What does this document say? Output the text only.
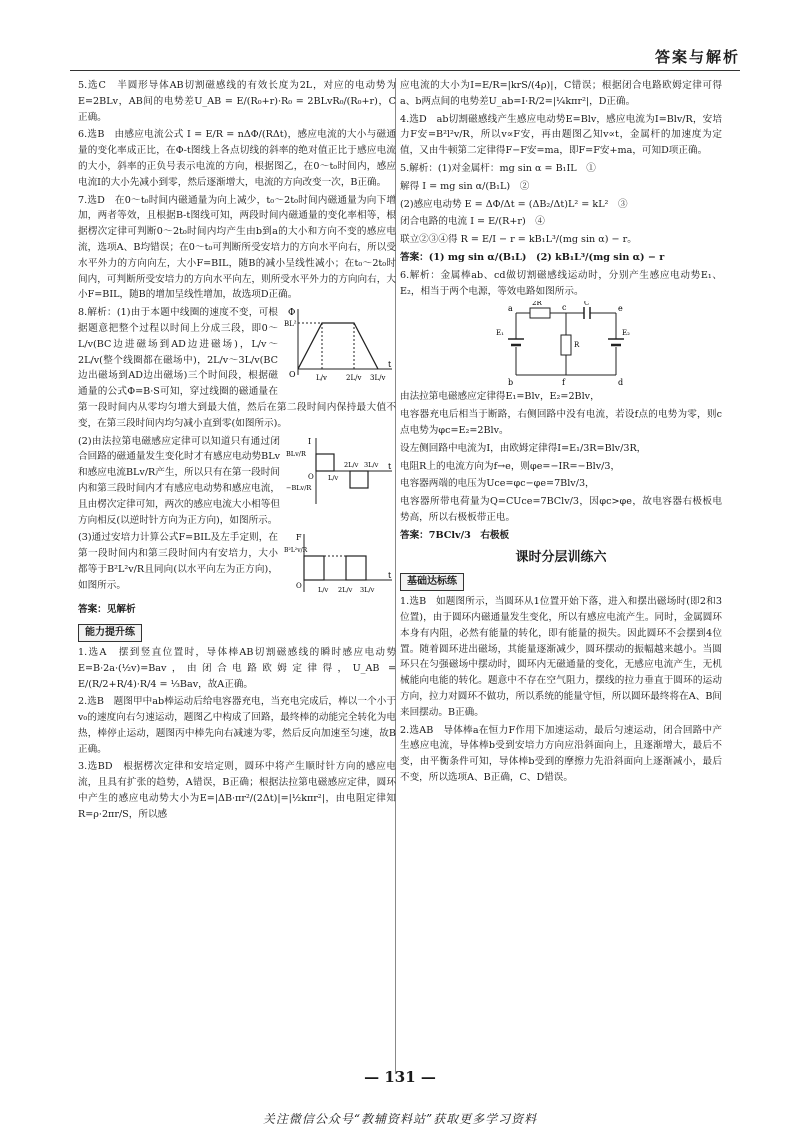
答案与解析

5.选C　半圆形导体AB切割磁感线的有效长度为2L，对应的电动势为E=2BLv，AB间的电势差U_AB = E/(R₀+r)·R₀ = 2BLvR₀/(R₀+r)，C正确。

6.选B　由感应电流公式 I = E/R = nΔΦ/(RΔt)，感应电流的大小与磁通量的变化率成正比，在Φ-t图线上各点切线的斜率的绝对值正比于感应电流的大小，斜率的正负号表示电流的方向，根据图乙，在0～t₀时间内，感应电流I的大小先减小到零，然后逐渐增大，电流的方向改变一次，B正确。

7.选D　在0～t₀时间内磁通量为向上减少，t₀～2t₀时间内磁通量为向下增加，两者等效，且根据B-t图线可知，两段时间内磁通量的变化率相等，根据楞次定律可判断0～2t₀时间内均产生由b到a的大小和方向不变的感应电流，选项A、B均错误；在0～t₀可判断所受安培力的方向水平向右，所以受水平外力的方向向左，大小F=BIL，随B的减小呈线性减小；在t₀～2t₀时间内，可判断所受安培力的方向水平向左，则所受水平外力的方向向右，大小F=BIL，随B的增加呈线性增加，故选项D正确。

Φ
BL²
O	L/v	2L/v 3L/v
t

8.解析：(1)由于本题中线圈的速度不变，可根据题意把整个过程以时间上分成三段，即0～L/v(BC边进磁场到AD边进磁场)，L/v～2L/v(整个线圈都在磁场中)，2L/v～3L/v(BC边出磁场到AD边出磁场)三个时间段，根据磁通量的公式Φ=B·S可知，穿过线圈的磁通量在第一段时间内从零均匀增大到最大值，然后在第二段时间内保持最大值不变，在第三段时间内均匀减小直到零(如图所示)。

I
BLv/R
−BLv/R
O L/v
2L/v 3L/v t

(2)由法拉第电磁感应定律可以知道只有通过闭合回路的磁通量发生变化时才有感应电动势BLv和感应电流BLv/R产生，所以只有在第一段时间内和第三段时间内才有感应电动势和感应电流，且由楞次定律可知，两次的感应电流大小相等但方向相反(以逆时针方向为正方向)，如图所示。

F
B²L²v/R
O	L/v 2L/v 3L/v
t

(3)通过安培力计算公式F=BIL及左手定则，在第一段时间内和第三段时间内有安培力，大小都等于B²L²v/R且同向(以水平向左为正方向)，如图所示。

答案：见解析

能力提升练

1.选A　摆到竖直位置时，导体棒AB切割磁感线的瞬时感应电动势E=B·2a·(½v)=Bav，由闭合电路欧姆定律得，U_AB = E/(R/2+R/4)·R/4 = ⅓Bav，故A正确。

2.选B　题图甲中ab棒运动后给电容器充电，当充电完成后，棒以一个小于v₀的速度向右匀速运动，题图乙中构成了回路，最终棒的动能完全转化为电热，棒停止运动，题图丙中棒先向右减速为零，然后反向加速至匀速，故B正确。

3.选BD　根据楞次定律和安培定则，圆环中将产生顺时针方向的感应电流，且具有扩张的趋势，A错误，B正确；根据法拉第电磁感应定律，圆环中产生的感应电动势大小为E=|ΔB·πr²/(2Δt)|=|½kπr²|，由电阻定律知R=ρ·2πr/S，所以感

应电流的大小为I=E/R=|krS/(4ρ)|，C错误；根据闭合电路欧姆定律可得a、b两点间的电势差U_ab=I·R/2=|¼kπr²|，D正确。

4.选D　ab切割磁感线产生感应电动势E=Blv，感应电流为I=Blv/R，安培力F安=B²l²v/R，所以v∝F安，再由题图乙知v∝t，金属杆的加速度为定值，又由牛顿第二定律得F−F安=ma，即F=F安+ma，可知D项正确。

5.解析：(1)对金属杆：mg sin α = B₁IL　①

解得 I = mg sin α/(B₁L)　②

(2)感应电动势 E = ΔΦ/Δt = (ΔB₂/Δt)L² = kL²　③

闭合电路的电流 I = E/(R+r)　④

联立②③④得 R = E/I − r = kB₁L³/(mg sin α) − r。

答案：(1) mg sin α/(B₁L)　(2) kB₁L³/(mg sin α) − r

6.解析：金属棒ab、cd做切割磁感线运动时，分别产生感应电动势E₁、E₂，相当于两个电源，等效电路如图所示。

a
b
c
d
e
f
2R
R
C
E₁	E₂

由法拉第电磁感应定律得E₁=Blv，E₂=2Blv，

电容器充电后相当于断路，右侧回路中没有电流，若设f点的电势为零，则c点电势为φc=E₂=2Blv。

设左侧回路中电流为I，由欧姆定律得I=E₁/3R=Blv/3R，

电阻R上的电流方向为f→e，则φe=−IR=−Blv/3，

电容器两端的电压为Uce=φc−φe=7Blv/3，

电容器所带电荷量为Q=CUce=7BClv/3，因φc>φe，故电容器右极板电势高，所以右极板带正电。

答案：7BClv/3　右极板

课时分层训练六
基础达标练

1.选B　如题图所示，当圆环从1位置开始下落，进入和摆出磁场时(即2和3位置)，由于圆环内磁通量发生变化，所以有感应电流产生。同时，金属圆环本身有内阻，必然有能量的转化，即有能量的损失。因此圆环不会摆到4位置。随着圆环进出磁场，其能量逐渐减少，圆环摆动的振幅越来越小。当圆环只在匀强磁场中摆动时，圆环内无磁通量的变化，无感应电流产生，无机械能向电能的转化。题意中不存在空气阻力，摆线的拉力垂直于圆环的运动方向，拉力对圆环不做功，所以系统的能量守恒，所以圆环最终将在A、B间来回摆动。B正确。

2.选AB　导体棒a在恒力F作用下加速运动，最后匀速运动，闭合回路中产生感应电流，导体棒b受到安培力方向应沿斜面向上，且逐渐增大，最后不变，由平衡条件可知，导体棒b受到的摩擦力先沿斜面向上逐渐减小，最后不变，所以选项A、B正确，C、D错误。

— 131 —
关注微信公众号“教辅资料站”获取更多学习资料
